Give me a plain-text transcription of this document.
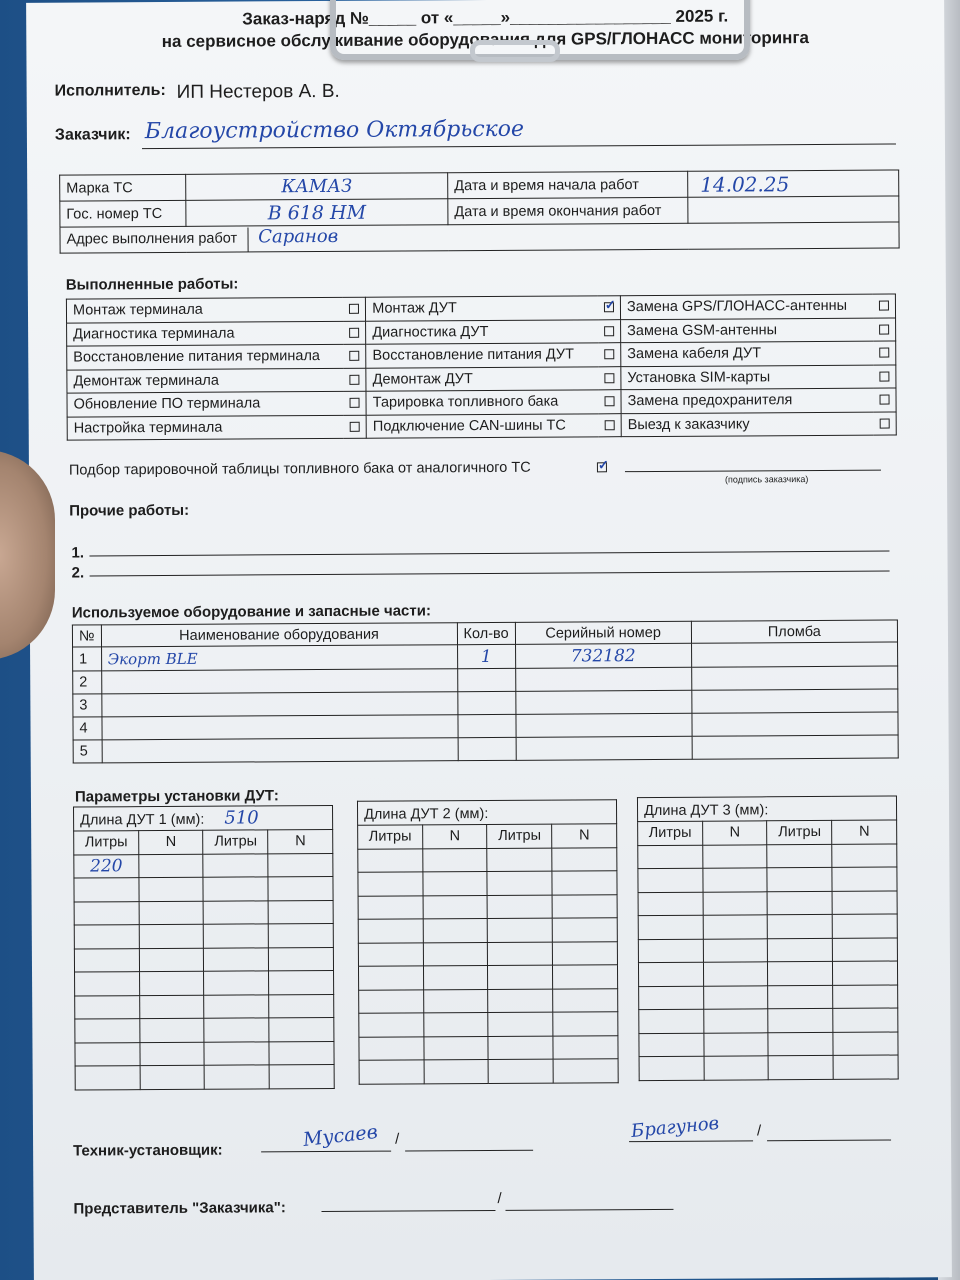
Заказ-наряд №_____ от «_____»_________________ 2025 г.
на сервисное обслуживание оборудования для GPS/ГЛОНАСС мониторинга
Исполнитель: ИП Нестеров А. В.
Заказчик: Благоустройство Октябрьское
Марка ТС	КАМАЗ	Дата и время начала работ	14.02.25
Гос. номер ТС	В 618 НМ	Дата и время окончания работ	
Адрес выполнения работ Саранов			
Выполненные работы:
Монтаж терминала		Монтаж ДУТ	✓	Замена GPS/ГЛОНАСС-антенны	
Диагностика терминала		Диагностика ДУТ		Замена GSM-антенны	
Восстановление питания терминала		Восстановление питания ДУТ		Замена кабеля ДУТ	
Демонтаж терминала		Демонтаж ДУТ		Установка SIM-карты	
Обновление ПО терминала		Тарировка топливного бака		Замена предохранителя	
Настройка терминала		Подключение CAN-шины ТС		Выезд к заказчику	
Подбор тарировочной таблицы топливного бака от аналогичного ТС
✓
(подпись заказчика)
Прочие работы:
1.
2.
Используемое оборудование и запасные части:
№	Наименование оборудования	Кол-во	Серийный номер	Пломба
1	Экорт BLE	1	732182	
2				
3				
4				
5				
Параметры установки ДУТ:
Длина ДУТ 1 (мм): 510			
Литры	N	Литры	N
220			

Длина ДУТ 2 (мм):			
Литры	N	Литры	N

Длина ДУТ 3 (мм):			
Литры	N	Литры	N

Техник-установщик:	Мусаев /	Брагунов /
Представитель "Заказчика":
/
